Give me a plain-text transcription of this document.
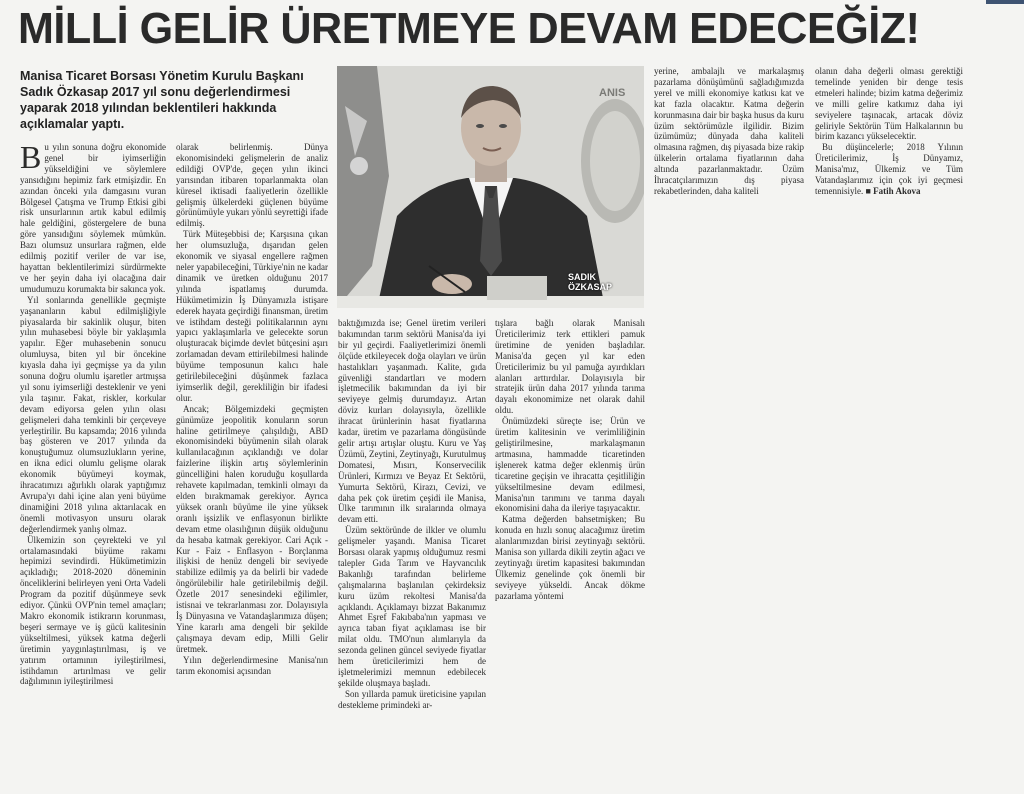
MİLLİ GELİR ÜRETMEYE DEVAM EDECEĞİZ!
Manisa Ticaret Borsası Yönetim Kurulu Başkanı Sadık Özkasap 2017 yıl sonu değerlendirmesi yaparak 2018 yılından beklentileri hakkında açıklamalar yaptı.

Bu yılın sonuna doğru ekonomide genel bir iyimserliğin yükseldiğini ve söylemlere yansıdığını hepimiz fark etmişizdir. En azından önceki yıla damgasını vuran Bölgesel Çatışma ve Trump Etkisi gibi risk unsurlarının artık kabul edilmiş hale geldiğini, göstergelere de buna göre yansıdığını söylemek mümkün. Bazı olumsuz unsurlara rağmen, elde edilmiş pozitif veriler de var ise, hayattan beklentilerimizi sürdürmekte ve her şeyin daha iyi olacağına dair umudumuzu korumakta bir sakınca yok.

Yıl sonlarında genellikle geçmişte yaşananların kabul edilmişliğiyle piyasalarda bir sakinlik oluşur, biten yılın muhasebesi böyle bir yaklaşımla yapılır. Eğer muhasebenin sonucu olumluysa, biten yıl bir öncekine kıyasla daha iyi geçmişse ya da yılın sonuna doğru olumlu işaretler artmışsa yıl sonu iyimserliği desteklenir ve yeni yıla taşınır. Fakat, riskler, korkular devam ediyorsa gelen yılın olası gelişmeleri daha temkinli bir çerçeveye yerleştirilir. Bu kapsamda; 2016 yılında baş gösteren ve 2017 yılında da konuştuğumuz olumsuzlukların yerine, en iknа edici olumlu gelişme olarak ekonomik büyümeyi koymak, ihracatımızı ağırlıklı olarak yaptığımız Avrupa'yı dahi içine alan yeni büyüme dinamiğini 2018 yılına aktarılacak en önemli motivasyon unsuru olarak değerlendirmek yanlış olmaz.

Ülkemizin son çeyrekteki ve yıl ortalamasındaki büyüme rakamı hepimizi sevindirdi. Hükümetimizin açıkladığı; 2018-2020 döneminin önceliklerini belirleyen yeni Orta Vadeli Program da pozitif düşünmeye sevk ediyor. Çünkü OVP'nin temel amaçları; Makro ekonomik istikrarın korunması, beşeri sermaye ve iş gücü kalitesinin yükseltilmesi, yüksek katma değerli üretimin yaygınlaştırılması, iş ve yatırım ortamının iyileştirilmesi, istihdamın artırılması ve gelir dağılımının iyileştirilmesi

olarak belirlenmiş. Dünya ekonomisindeki gelişmelerin de analiz edildiği OVP'de, geçen yılın ikinci yarısından itibaren toparlanmakta olan küresel iktisadi faaliyetlerin özellikle gelişmiş ülkelerdeki güçlenen büyüme görünümüyle yukarı yönlü seyrettiği ifade edilmiş.

Türk Müteşebbisi de; Karşısına çıkan her olumsuzluğa, dışarıdan gelen ekonomik ve siyasal engellere rağmen neler yapabileceğini, Türkiye'nin ne kadar dinamik ve üretken olduğunu 2017 yılında ispatlamış durumda. Hükümetimizin İş Dünyamızla istişare ederek hayata geçirdiği finansman, üretim ve istihdam desteği politikalarının aynı yapıcı yaklaşımlarla ve gelecekte sorun oluşturacak biçimde devlet bütçesini aşırı zorlamadan devam ettirilebilmesi halinde büyüme temposunun kalıcı hale getirilebileceğini düşünmek fazlaca iyimserlik değil, gerekliliğin bir ifadesi olur.

Ancak; Bölgemizdeki geçmişten günümüze jeopolitik konuların sorun haline getirilmeye çalışıldığı, ABD ekonomisindeki büyümenin silah olarak kullanılacağının açıklandığı ve dolar faizlerine ilişkin artış söylemlerinin güncelliğini halen koruduğu koşullarda rehavete kapılmadan, temkinli olmayı da elden bırakmamak gerekiyor. Ayrıca yüksek oranlı büyüme ile yine yüksek oranlı işsizlik ve enflasyonun birlikte devam etme olasılığının düşük olduğunu da hesaba katmak gerekiyor. Cari Açık - Kur - Faiz - Enflasyon - Borçlanma ilişkisi de henüz dengeli bir seviyede stabilize edilmiş ya da belirli bir vadede öngörülebilir hale getirilebilmiş değil. Özetle 2017 senesindeki eğilimler, istisnai ve tekrarlanması zor. Dolayısıyla İş Dünyasına ve Vatandaşlarımıza düşen; Yine kararlı ama dengeli bir şekilde çalışmaya devam edip, Milli Gelir üretmek.

Yılın değerlendirmesine Manisa'nın tarım ekonomisi açısından

ANIS
SADIK
ÖZKASAP

baktığımızda ise; Genel üretim verileri bakımından tarım sektörü Manisa'da iyi bir yıl geçirdi. Faaliyetlerimizi önemli ölçüde etkileyecek doğa olayları ve ürün hastalıkları yaşanmadı. Kalite, gıda güvenliği standartları ve modern işletmecilik bakımından da iyi bir seviyeye gelmiş durumdayız. Artan döviz kurları dolayısıyla, özellikle ihracat ürünlerinin hasat fiyatlarına kadar, üretim ve pazarlama döngüsünde gelir artışı artışlar oluştu. Kuru ve Yaş Üzümü, Zeytini, Zeytinyağı, Kurutulmuş Domatesi, Mısırı, Konservecilik Ürünleri, Kırmızı ve Beyaz Et Sektörü, Yumurta Sektörü, Kirazı, Cevizi, ve daha pek çok üretim çeşidi ile Manisa, Ülke tarımının ilk sıralarında olmaya devam etti.

Üzüm sektöründe de ilkler ve olumlu gelişmeler yaşandı. Manisa Ticaret Borsası olarak yapmış olduğumuz resmi talepler Gıda Tarım ve Hayvancılık Bakanlığı tarafından belirleme çalışmalarına başlanılan çekirdeksiz kuru üzüm rekoltesi Manisa'da açıklandı. Açıklamayı bizzat Bakanımız Ahmet Eşref Fakıbaba'nın yapması ve ayrıca taban fiyat açıklaması ise bir milat oldu. TMO'nun alımlarıyla da sezonda gelinen güncel seviyede fiyatlar hem üreticilerimizi hem de işletmelerimizi memnun edebilecek şekilde oluşmaya başladı.

Son yıllarda pamuk üreticisine yapılan destekleme primindeki ar-

tışlara bağlı olarak Manisalı Üreticilerimiz terk ettikleri pamuk üretimine de yeniden başladılar. Manisa'da geçen yıl kar eden Üreticilerimiz bu yıl pamuğa ayırdıkları alanları arttırdılar. Dolayısıyla bir stratejik ürün daha 2017 yılında tarıma dayalı ekonomimize net olarak dahil oldu.

Önümüzdeki süreçte ise; Ürün ve üretim kalitesinin ve verimliliğinin geliştirilmesine, markalaşmanın artmasına, hammadde ticaretinden işlenerek katma değer eklenmiş ürün ticaretine geçişin ve ihracatta çeşitliliğin yükseltilmesine devam edilmesi, Manisa'nın tarımını ve tarıma dayalı ekonomisini daha da ileriye taşıyacaktır.

Katma değerden bahsetmişken; Bu konuda en hızlı sonuç alacağımız üretim alanlarımızdan birisi zeytinyağı sektörü. Manisa son yıllarda dikili zeytin ağacı ve zeytinyağı üretim kapasitesi bakımından Ülkemiz genelinde çok önemli bir seviyeye yükseldi. Ancak dökme pazarlama yöntemi

yerine, ambalajlı ve markalaşmış pazarlama dönüşümünü sağladığımızda yerel ve milli ekonomiye katkısı kat ve kat fazla olacaktır. Katma değerin korunmasına dair bir başka husus da kuru üzüm sektörümüzle ilgilidir. Bizim üzümümüz; dünyada daha kaliteli olmasına rağmen, dış piyasada bize rakip ülkelerin ortalama fiyatlarının daha altında pazarlanmaktadır. Üzüm İhracatçılarımızın dış piyasa rekabetlerinden, daha kaliteli

olanın daha değerli olması gerektiği temelinde yeniden bir denge tesis etmeleri halinde; bizim katma değerimiz ve milli gelire katkımız daha iyi seviyelere taşınacak, artacak döviz geliriyle Sektörün Tüm Halkalarının bu birim kazancı yükselecektir.

Bu düşüncelerle; 2018 Yılının Üreticilerimiz, İş Dünyamız, Manisa'mız, Ülkemiz ve Tüm Vatandaşlarımız için çok iyi geçmesi temennisiyle. ■ Fatih Akova
